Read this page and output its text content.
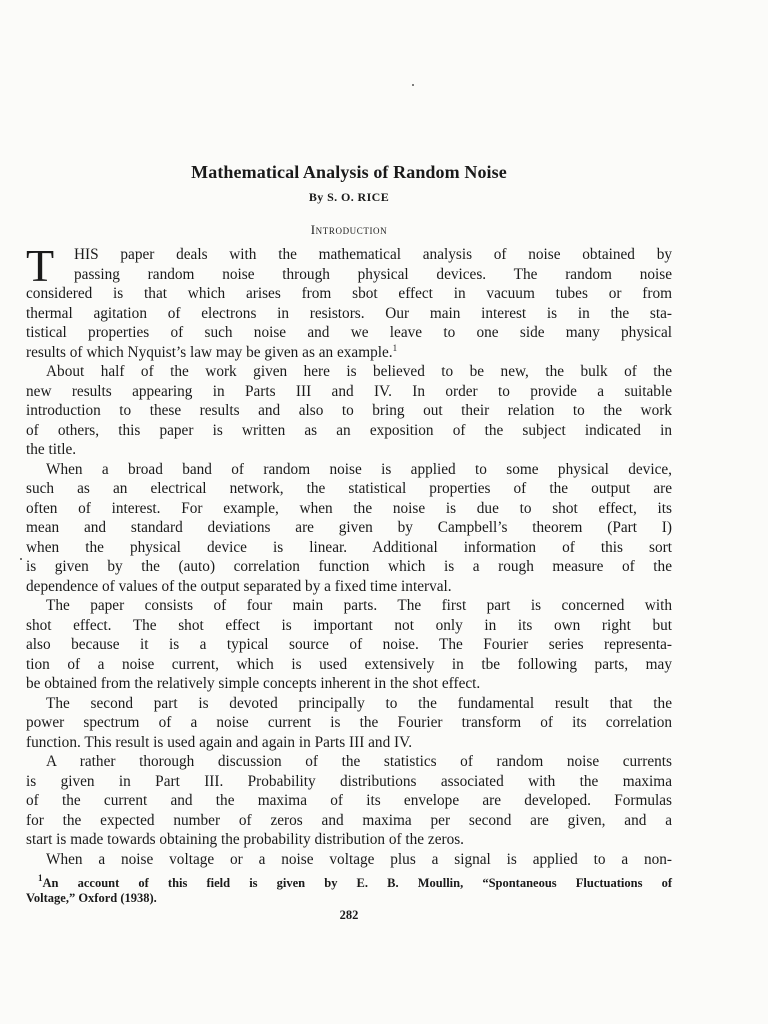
Mathematical Analysis of Random Noise
By S. O. RICE
Introduction
T	HIS paper deals with the mathematical analysis of noise obtained by
passing random noise through physical devices. The random noise
considered is that which arises from sbot effect in vacuum tubes or from
thermal agitation of electrons in resistors. Our main interest is in the sta-
tistical properties of such noise and we leave to one side many physical
results of which Nyquist’s law may be given as an example.$^1$
About half of the work given here is believed to be new, the bulk of the
new results appearing in Parts III and IV. In order to provide a suitable
introduction to these results and also to bring out their relation to the work
of others, this paper is written as an exposition of the subject indicated in
the title.
When a broad band of random noise is applied to some physical device,
such as an electrical network, the statistical properties of the output are
often of interest. For example, when the noise is due to shot effect, its
mean and standard deviations are given by Campbell’s theorem (Part I)
when the physical device is linear. Additional information of this sort
is given by the (auto) correlation function which is a rough measure of the
dependence of values of the output separated by a fixed time interval.
The paper consists of four main parts. The first part is concerned with
shot effect. The shot effect is important not only in its own right but
also because it is a typical source of noise. The Fourier series representa-
tion of a noise current, which is used extensively in tbe following parts, may
be obtained from the relatively simple concepts inherent in the shot effect.
The second part is devoted principally to the fundamental result that the
power spectrum of a noise current is the Fourier transform of its correlation
function. This result is used again and again in Parts III and IV.
A rather thorough discussion of the statistics of random noise currents
is given in Part III. Probability distributions associated with the maxima
of the current and the maxima of its envelope are developed. Formulas
for the expected number of zeros and maxima per second are given, and a
start is made towards obtaining the probability distribution of the zeros.
When a noise voltage or a noise voltage plus a signal is applied to a non-
$^1$An account of this field is given by E. B. Moullin, “Spontaneous Fluctuations of
Voltage,” Oxford (1938).
282
